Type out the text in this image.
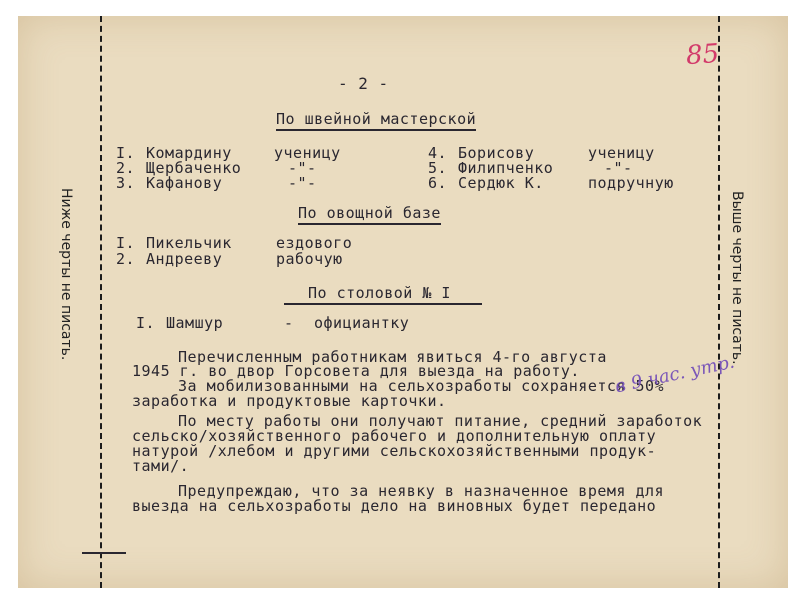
Ниже черты не писать.	Выше черты не писать.
85
- 2 -
По швейной мастерской
I. Комардину	ученицу
2. Щербаченко	-"-
3. Кафанову	-"-
4. Борисову	ученицу
5. Филипченко	-"-
6. Сердюк К.	подручную
По овощной базе
I. Пикельчик	ездового
2. Андрееву	рабочую
По столовой № I
I. Шамшур	- официантку
Перечисленным работникам явиться 4-го августа
1945 г. во двор Горсовета для выезда на работу.
За мобилизованными на сельхозработы сохраняется 50%
заработка и продуктовые карточки.
По месту работы они получают питание, средний заработок
сельско/хозяйственного рабочего и дополнительную оплату
натурой /хлебом и другими сельскохозяйственными продук-
тами/.
Предупреждаю, что за неявку в назначенное время для
выезда на сельхозработы дело на виновных будет передано
в 9 час. утр.
